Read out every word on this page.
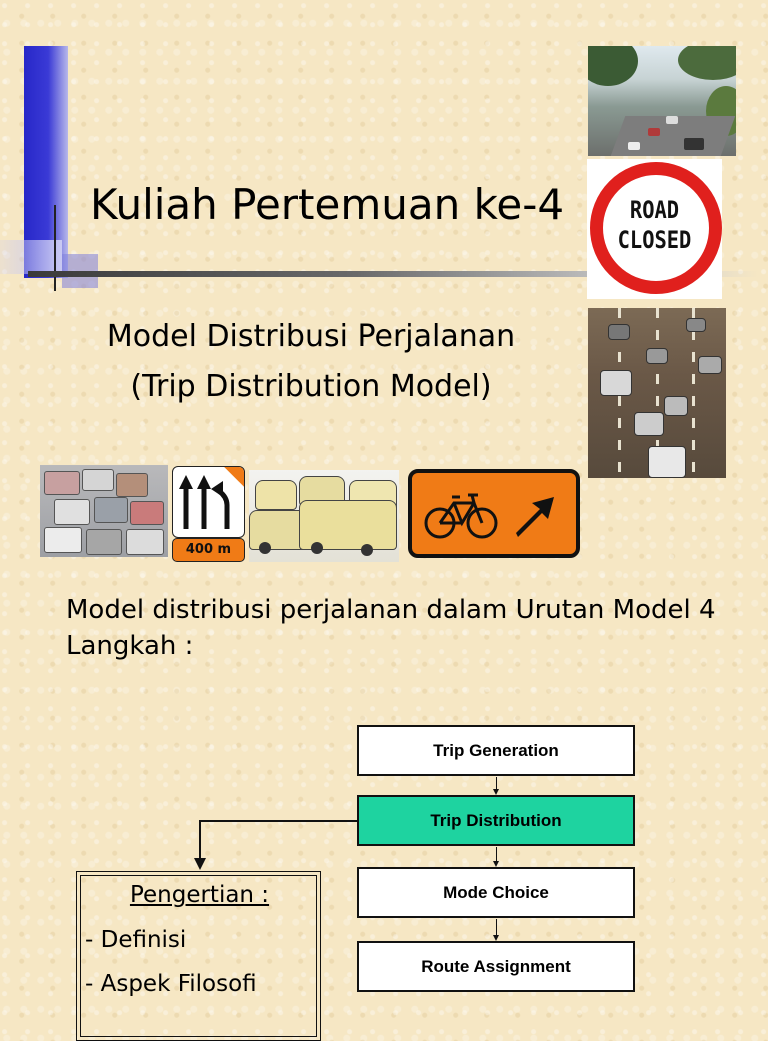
Kuliah Pertemuan ke-4
Model Distribusi Perjalanan
(Trip Distribution Model)
ROAD
CLOSED
400 m
Model distribusi perjalanan dalam Urutan Model 4 Langkah :
Trip Generation
Trip Distribution
Mode Choice
Route Assignment
Pengertian :
- Definisi
- Aspek Filosofi
